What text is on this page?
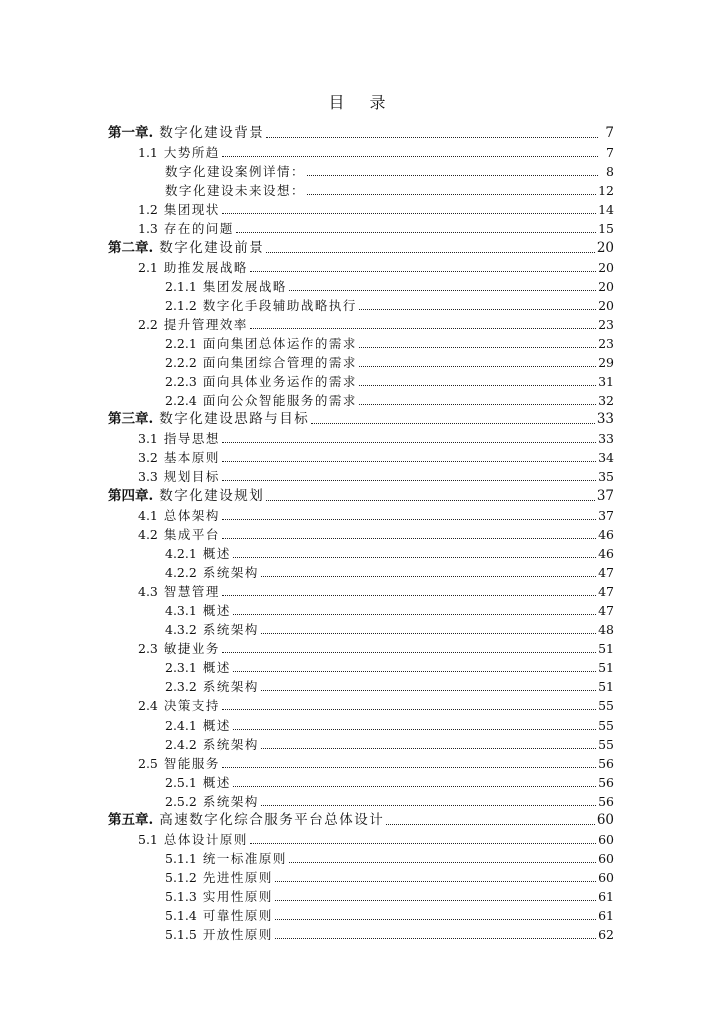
目 录
第一章. 数字化建设背景	7
1.1 大势所趋	7
数字化建设案例详情：	8
数字化建设未来设想：	12
1.2 集团现状	14
1.3 存在的问题	15
第二章. 数字化建设前景	20
2.1 助推发展战略	20
2.1.1 集团发展战略	20
2.1.2 数字化手段辅助战略执行	20
2.2 提升管理效率	23
2.2.1 面向集团总体运作的需求	23
2.2.2 面向集团综合管理的需求	29
2.2.3 面向具体业务运作的需求	31
2.2.4 面向公众智能服务的需求	32
第三章. 数字化建设思路与目标	33
3.1 指导思想	33
3.2 基本原则	34
3.3 规划目标	35
第四章. 数字化建设规划	37
4.1 总体架构	37
4.2 集成平台	46
4.2.1 概述	46
4.2.2 系统架构	47
4.3 智慧管理	47
4.3.1 概述	47
4.3.2 系统架构	48
2.3 敏捷业务	51
2.3.1 概述	51
2.3.2 系统架构	51
2.4 决策支持	55
2.4.1 概述	55
2.4.2 系统架构	55
2.5 智能服务	56
2.5.1 概述	56
2.5.2 系统架构	56
第五章. 高速数字化综合服务平台总体设计	60
5.1 总体设计原则	60
5.1.1 统一标准原则	60
5.1.2 先进性原则	60
5.1.3 实用性原则	61
5.1.4 可靠性原则	61
5.1.5 开放性原则	62
